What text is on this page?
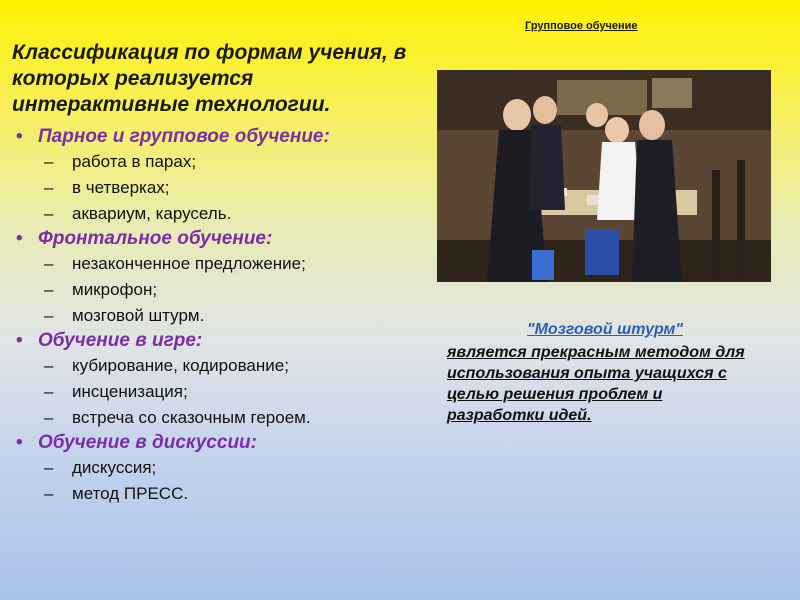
Классификация по формам учения, в которых реализуется интерактивные технологии.
• Парное и групповое обучение:
– работа в парах;
– в четверках;
– аквариум, карусель.
• Фронтальное обучение:
– незаконченное предложение;
– микрофон;
– мозговой штурм.
• Обучение в игре:
– кубирование, кодирование;
– инсценизация;
– встреча со сказочным героем.
• Обучение в дискуссии:
– дискуссия;
– метод ПРЕСС.
Групповое обучение
"Мозговой штурм"
является прекрасным методом для использования опыта учащихся с целью решения проблем и разработки идей.
